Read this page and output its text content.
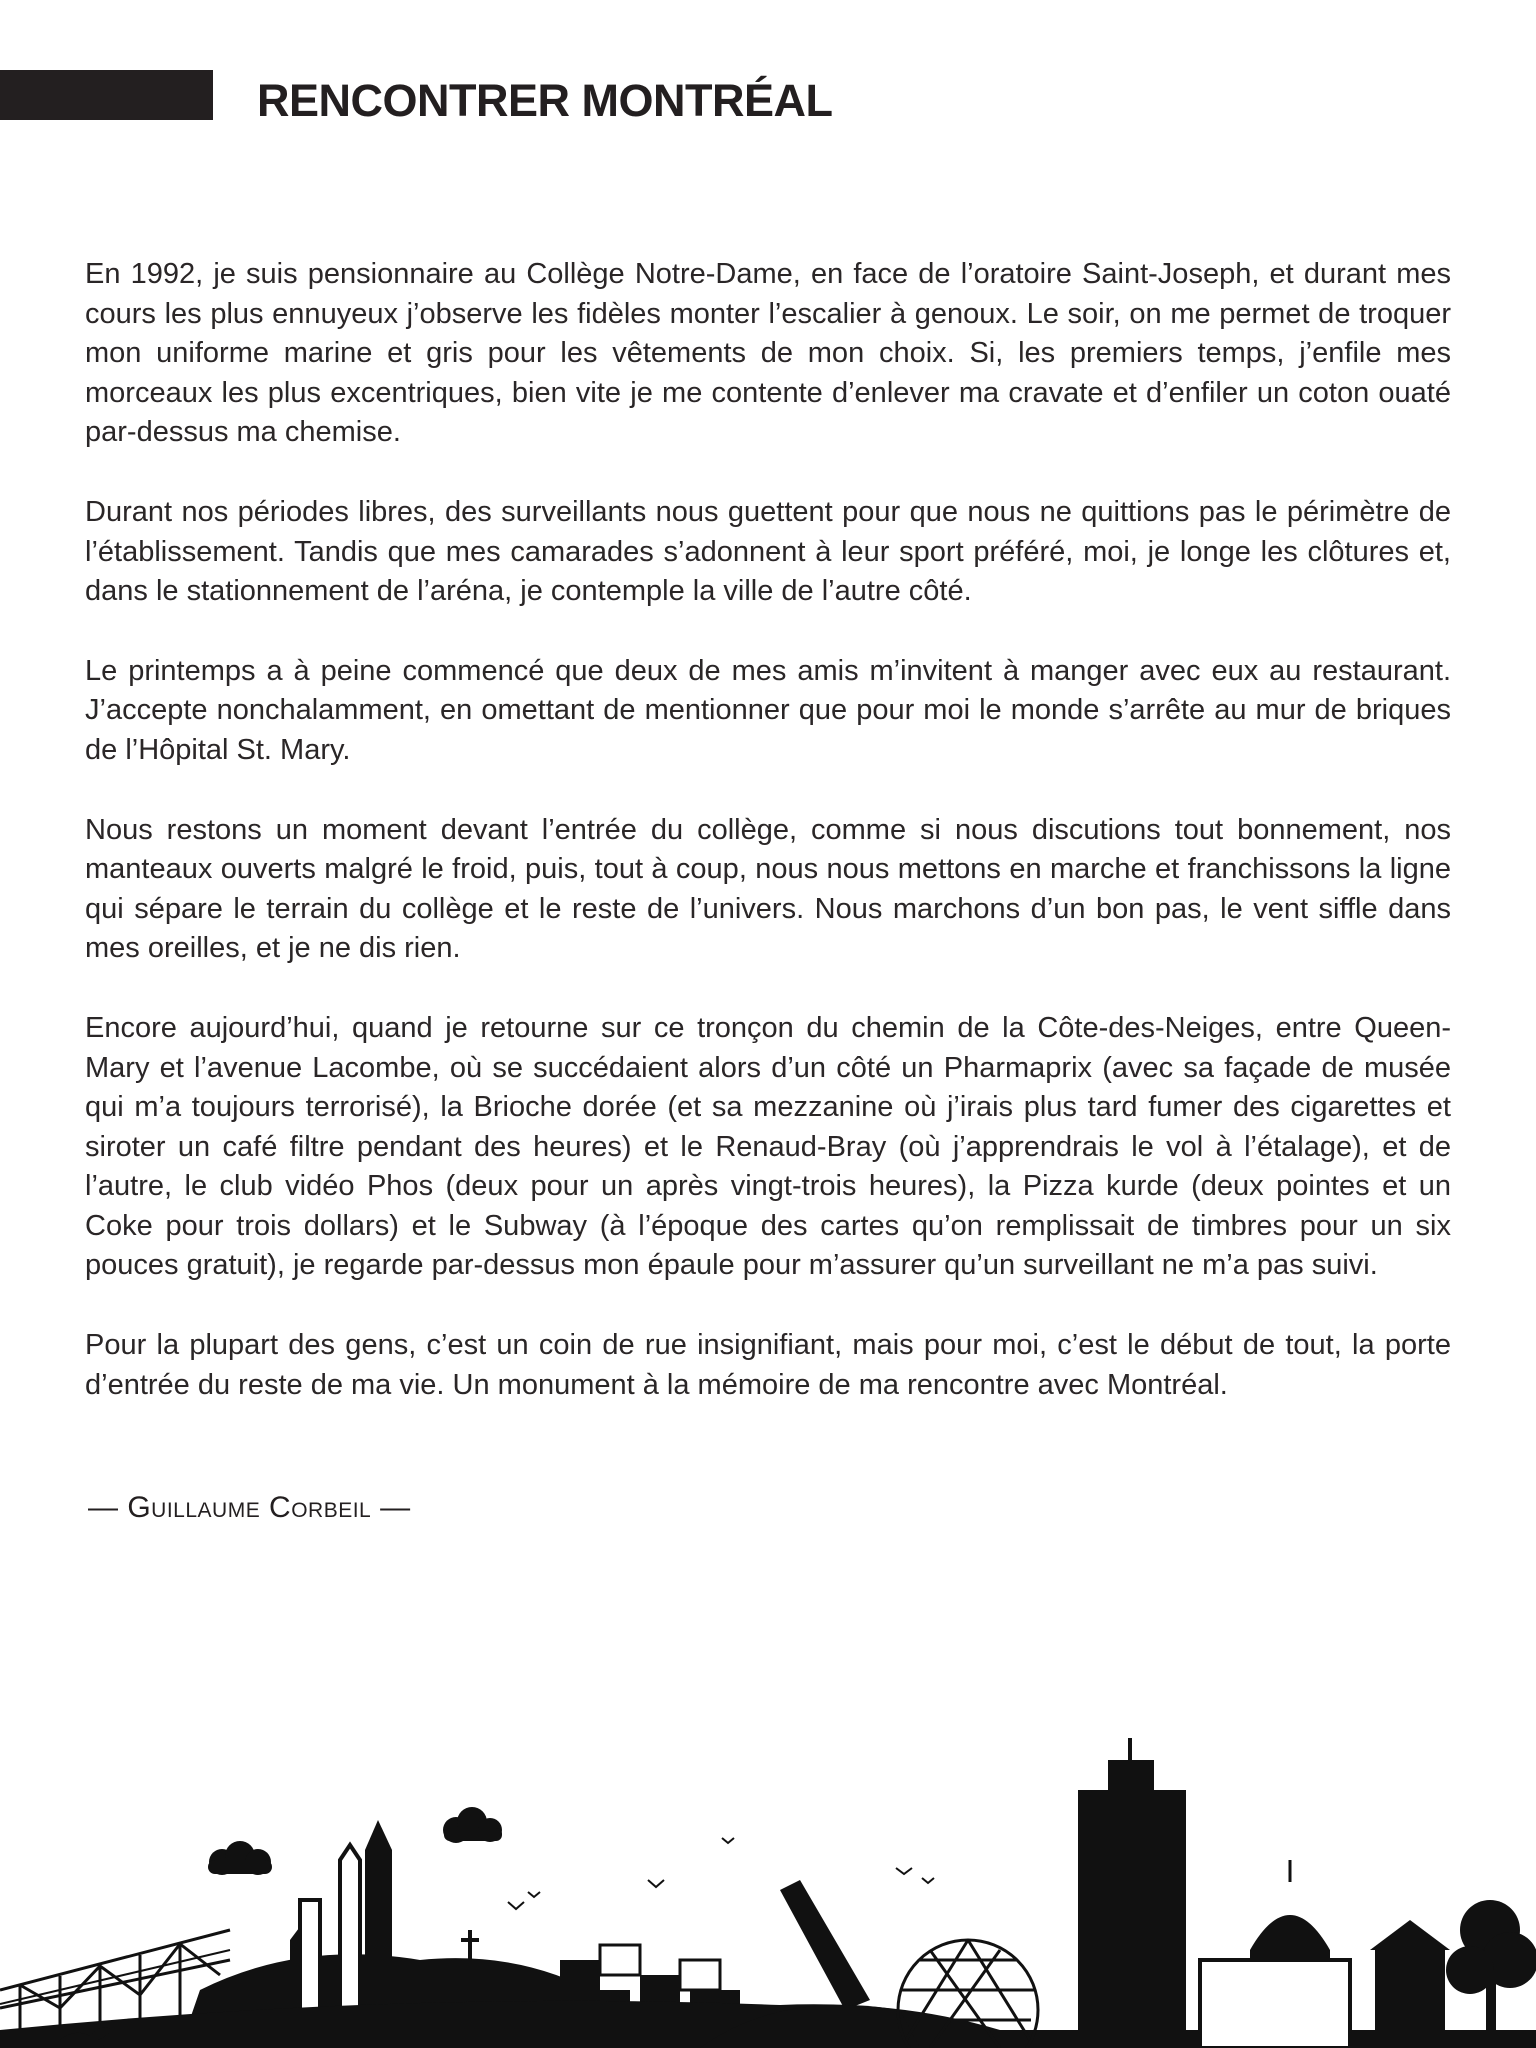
RENCONTRER MONTRÉAL

En 1992, je suis pensionnaire au Collège Notre-Dame, en face de l’oratoire Saint-Joseph, et durant mes cours les plus ennuyeux j’observe les fidèles monter l’escalier à genoux. Le soir, on me permet de troquer mon uniforme marine et gris pour les vêtements de mon choix. Si, les premiers temps, j’enfile mes morceaux les plus excentriques, bien vite je me contente d’enlever ma cravate et d’enfiler un coton ouaté par-dessus ma chemise.

Durant nos périodes libres, des surveillants nous guettent pour que nous ne quittions pas le périmètre de l’établissement. Tandis que mes camarades s’adonnent à leur sport préféré, moi, je longe les clôtures et, dans le stationnement de l’aréna, je contemple la ville de l’autre côté.

Le printemps a à peine commencé que deux de mes amis m’invitent à manger avec eux au restaurant. J’accepte nonchalamment, en omettant de mentionner que pour moi le monde s’arrête au mur de briques de l’Hôpital St. Mary.

Nous restons un moment devant l’entrée du collège, comme si nous discutions tout bonnement, nos manteaux ouverts malgré le froid, puis, tout à coup, nous nous mettons en marche et franchissons la ligne qui sépare le terrain du collège et le reste de l’univers. Nous marchons d’un bon pas, le vent siffle dans mes oreilles, et je ne dis rien.

Encore aujourd’hui, quand je retourne sur ce tronçon du chemin de la Côte-des-Neiges, entre Queen-Mary et l’avenue Lacombe, où se succédaient alors d’un côté un Pharmaprix (avec sa façade de musée qui m’a toujours terrorisé), la Brioche dorée (et sa mezzanine où j’irais plus tard fumer des cigarettes et siroter un café filtre pendant des heures) et le Renaud-Bray (où j’apprendrais le vol à l’étalage), et de l’autre, le club vidéo Phos (deux pour un après vingt-trois heures), la Pizza kurde (deux pointes et un Coke pour trois dollars) et le Subway (à l’époque des cartes qu’on remplissait de timbres pour un six pouces gratuit), je regarde par-dessus mon épaule pour m’assurer qu’un surveillant ne m’a pas suivi.

Pour la plupart des gens, c’est un coin de rue insignifiant, mais pour moi, c’est le début de tout, la porte d’entrée du reste de ma vie. Un monument à la mémoire de ma rencontre avec Montréal.

— Guillaume Corbeil —
